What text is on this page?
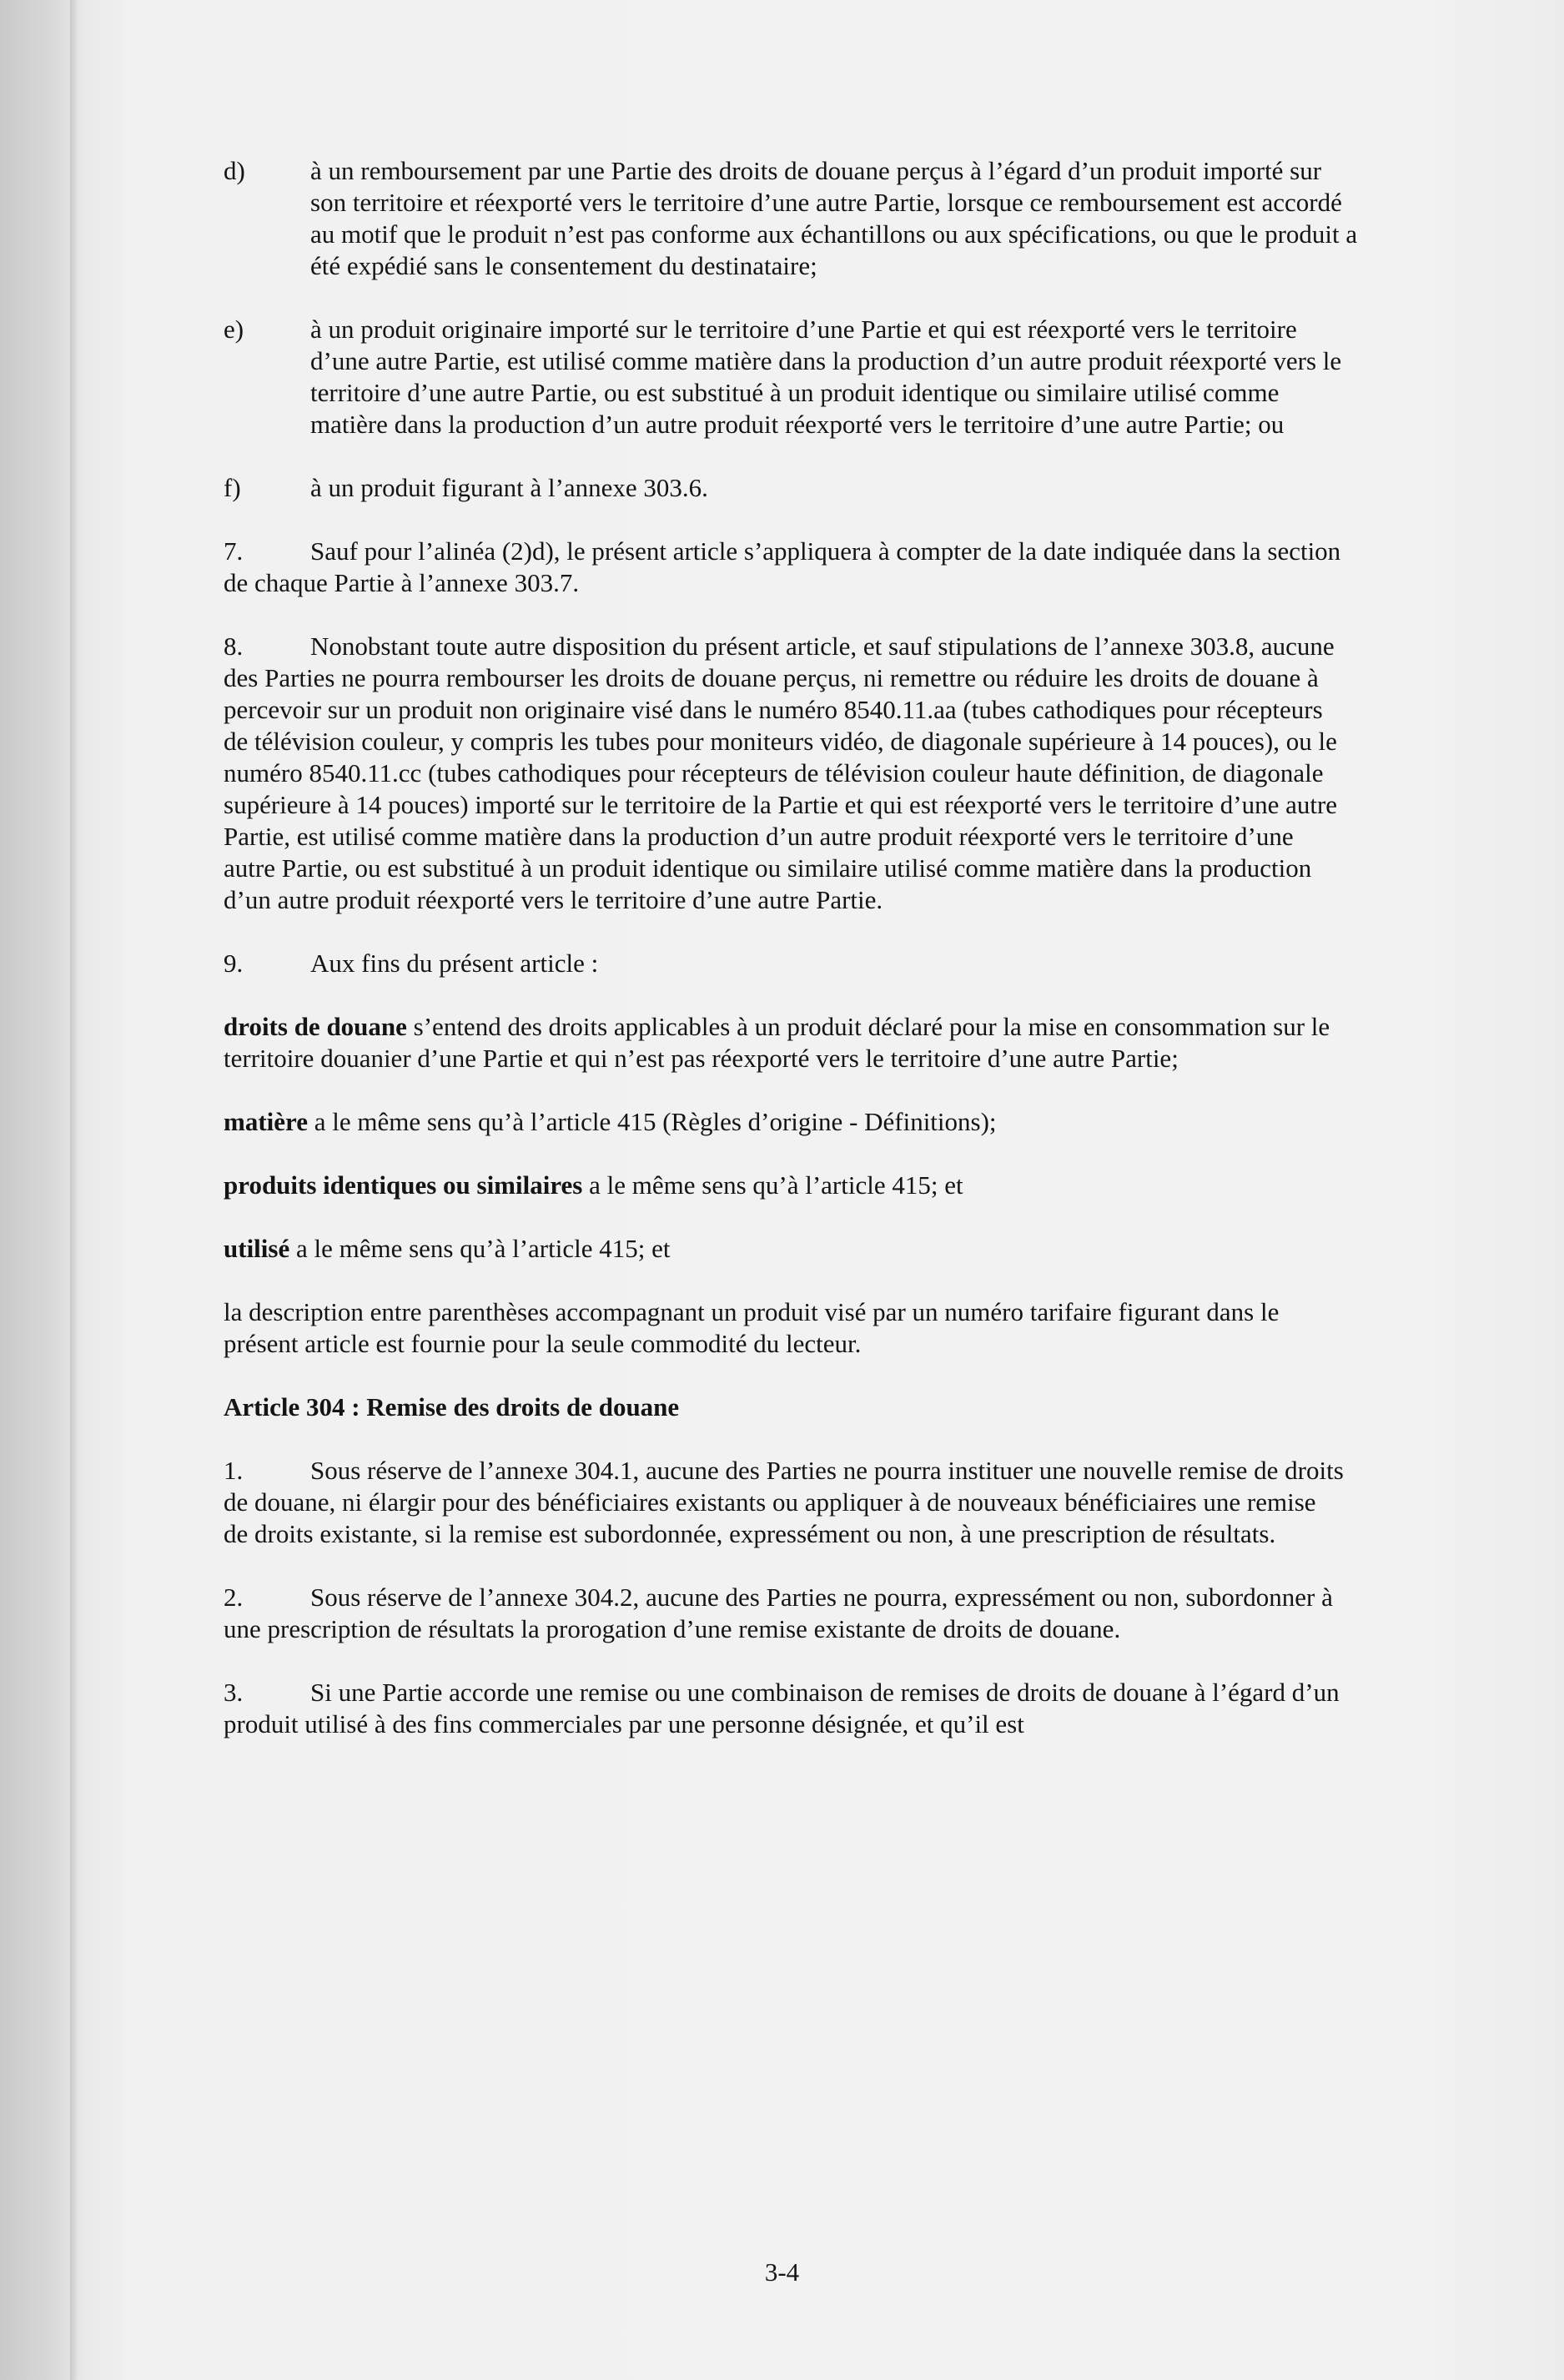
d)	à un remboursement par une Partie des droits de douane perçus à l’égard d’un produit importé sur son territoire et réexporté vers le territoire d’une autre Partie, lorsque ce remboursement est accordé au motif que le produit n’est pas conforme aux échantillons ou aux spécifications, ou que le produit a été expédié sans le consentement du destinataire;
e)	à un produit originaire importé sur le territoire d’une Partie et qui est réexporté vers le territoire d’une autre Partie, est utilisé comme matière dans la production d’un autre produit réexporté vers le territoire d’une autre Partie, ou est substitué à un produit identique ou similaire utilisé comme matière dans la production d’un autre produit réexporté vers le territoire d’une autre Partie; ou
f)	à un produit figurant à l’annexe 303.6.

7.	Sauf pour l’alinéa (2)d), le présent article s’appliquera à compter de la date indiquée dans la section de chaque Partie à l’annexe 303.7.

8.	Nonobstant toute autre disposition du présent article, et sauf stipulations de l’annexe 303.8, aucune des Parties ne pourra rembourser les droits de douane perçus, ni remettre ou réduire les droits de douane à percevoir sur un produit non originaire visé dans le numéro 8540.11.aa (tubes cathodiques pour récepteurs de télévision couleur, y compris les tubes pour moniteurs vidéo, de diagonale supérieure à 14 pouces), ou le numéro 8540.11.cc (tubes cathodiques pour récepteurs de télévision couleur haute définition, de diagonale supérieure à 14 pouces) importé sur le territoire de la Partie et qui est réexporté vers le territoire d’une autre Partie, est utilisé comme matière dans la production d’un autre produit réexporté vers le territoire d’une autre Partie, ou est substitué à un produit identique ou similaire utilisé comme matière dans la production d’un autre produit réexporté vers le territoire d’une autre Partie.

9.	Aux fins du présent article :

droits de douane s’entend des droits applicables à un produit déclaré pour la mise en consommation sur le territoire douanier d’une Partie et qui n’est pas réexporté vers le territoire d’une autre Partie;

matière a le même sens qu’à l’article 415 (Règles d’origine - Définitions);

produits identiques ou similaires a le même sens qu’à l’article 415; et

utilisé a le même sens qu’à l’article 415; et

la description entre parenthèses accompagnant un produit visé par un numéro tarifaire figurant dans le présent article est fournie pour la seule commodité du lecteur.

Article 304 : Remise des droits de douane

1.	Sous réserve de l’annexe 304.1, aucune des Parties ne pourra instituer une nouvelle remise de droits de douane, ni élargir pour des bénéficiaires existants ou appliquer à de nouveaux bénéficiaires une remise de droits existante, si la remise est subordonnée, expressément ou non, à une prescription de résultats.

2.	Sous réserve de l’annexe 304.2, aucune des Parties ne pourra, expressément ou non, subordonner à une prescription de résultats la prorogation d’une remise existante de droits de douane.

3.	Si une Partie accorde une remise ou une combinaison de remises de droits de douane à l’égard d’un produit utilisé à des fins commerciales par une personne désignée, et qu’il est

3-4
